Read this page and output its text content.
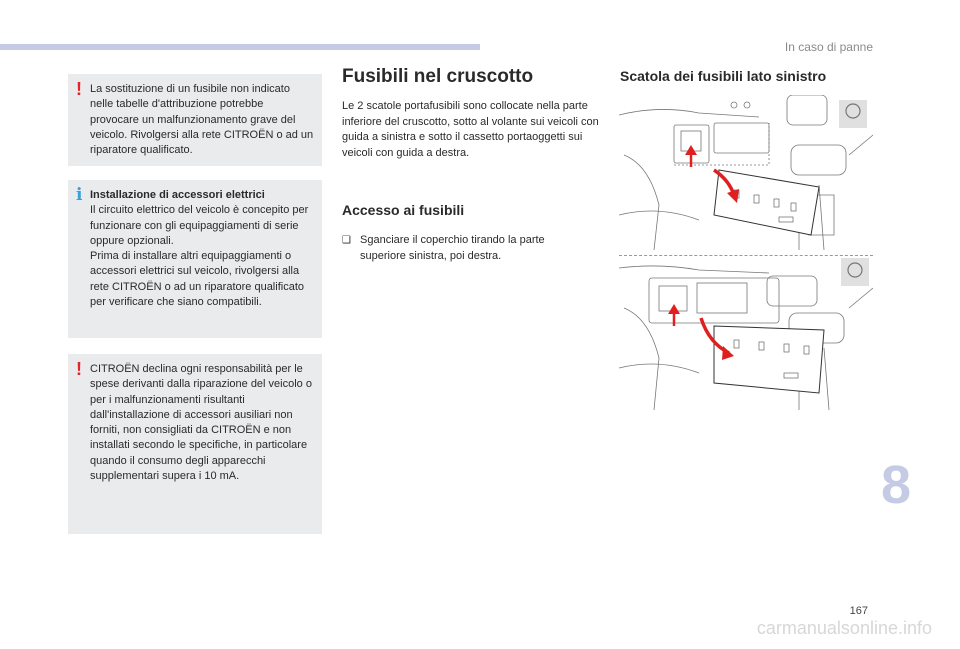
In caso di panne
! La sostituzione di un fusibile non indicato nelle tabelle d'attribuzione potrebbe provocare un malfunzionamento grave del veicolo. Rivolgersi alla rete CITROËN o ad un riparatore qualificato.

i Installazione di accessori elettrici

Il circuito elettrico del veicolo è concepito per funzionare con gli equipaggiamenti di serie oppure opzionali.

Prima di installare altri equipaggiamenti o accessori elettrici sul veicolo, rivolgersi alla rete CITROËN o ad un riparatore qualificato per verificare che siano compatibili.

! CITROËN declina ogni responsabilità per le spese derivanti dalla riparazione del veicolo o per i malfunzionamenti risultanti dall'installazione di accessori ausiliari non forniti, non consigliati da CITROËN e non installati secondo le specifiche, in particolare quando il consumo degli apparecchi supplementari supera i 10 mA.

Fusibili nel cruscotto
Le 2 scatole portafusibili sono collocate nella parte inferiore del cruscotto, sotto al volante sui veicoli con guida a sinistra e sotto il cassetto portaoggetti sui veicoli con guida a destra.
Accesso ai fusibili
❑ Sganciare il coperchio tirando la parte superiore sinistra, poi destra.
Scatola dei fusibili lato sinistro
8
167
carmanualsonline.info
